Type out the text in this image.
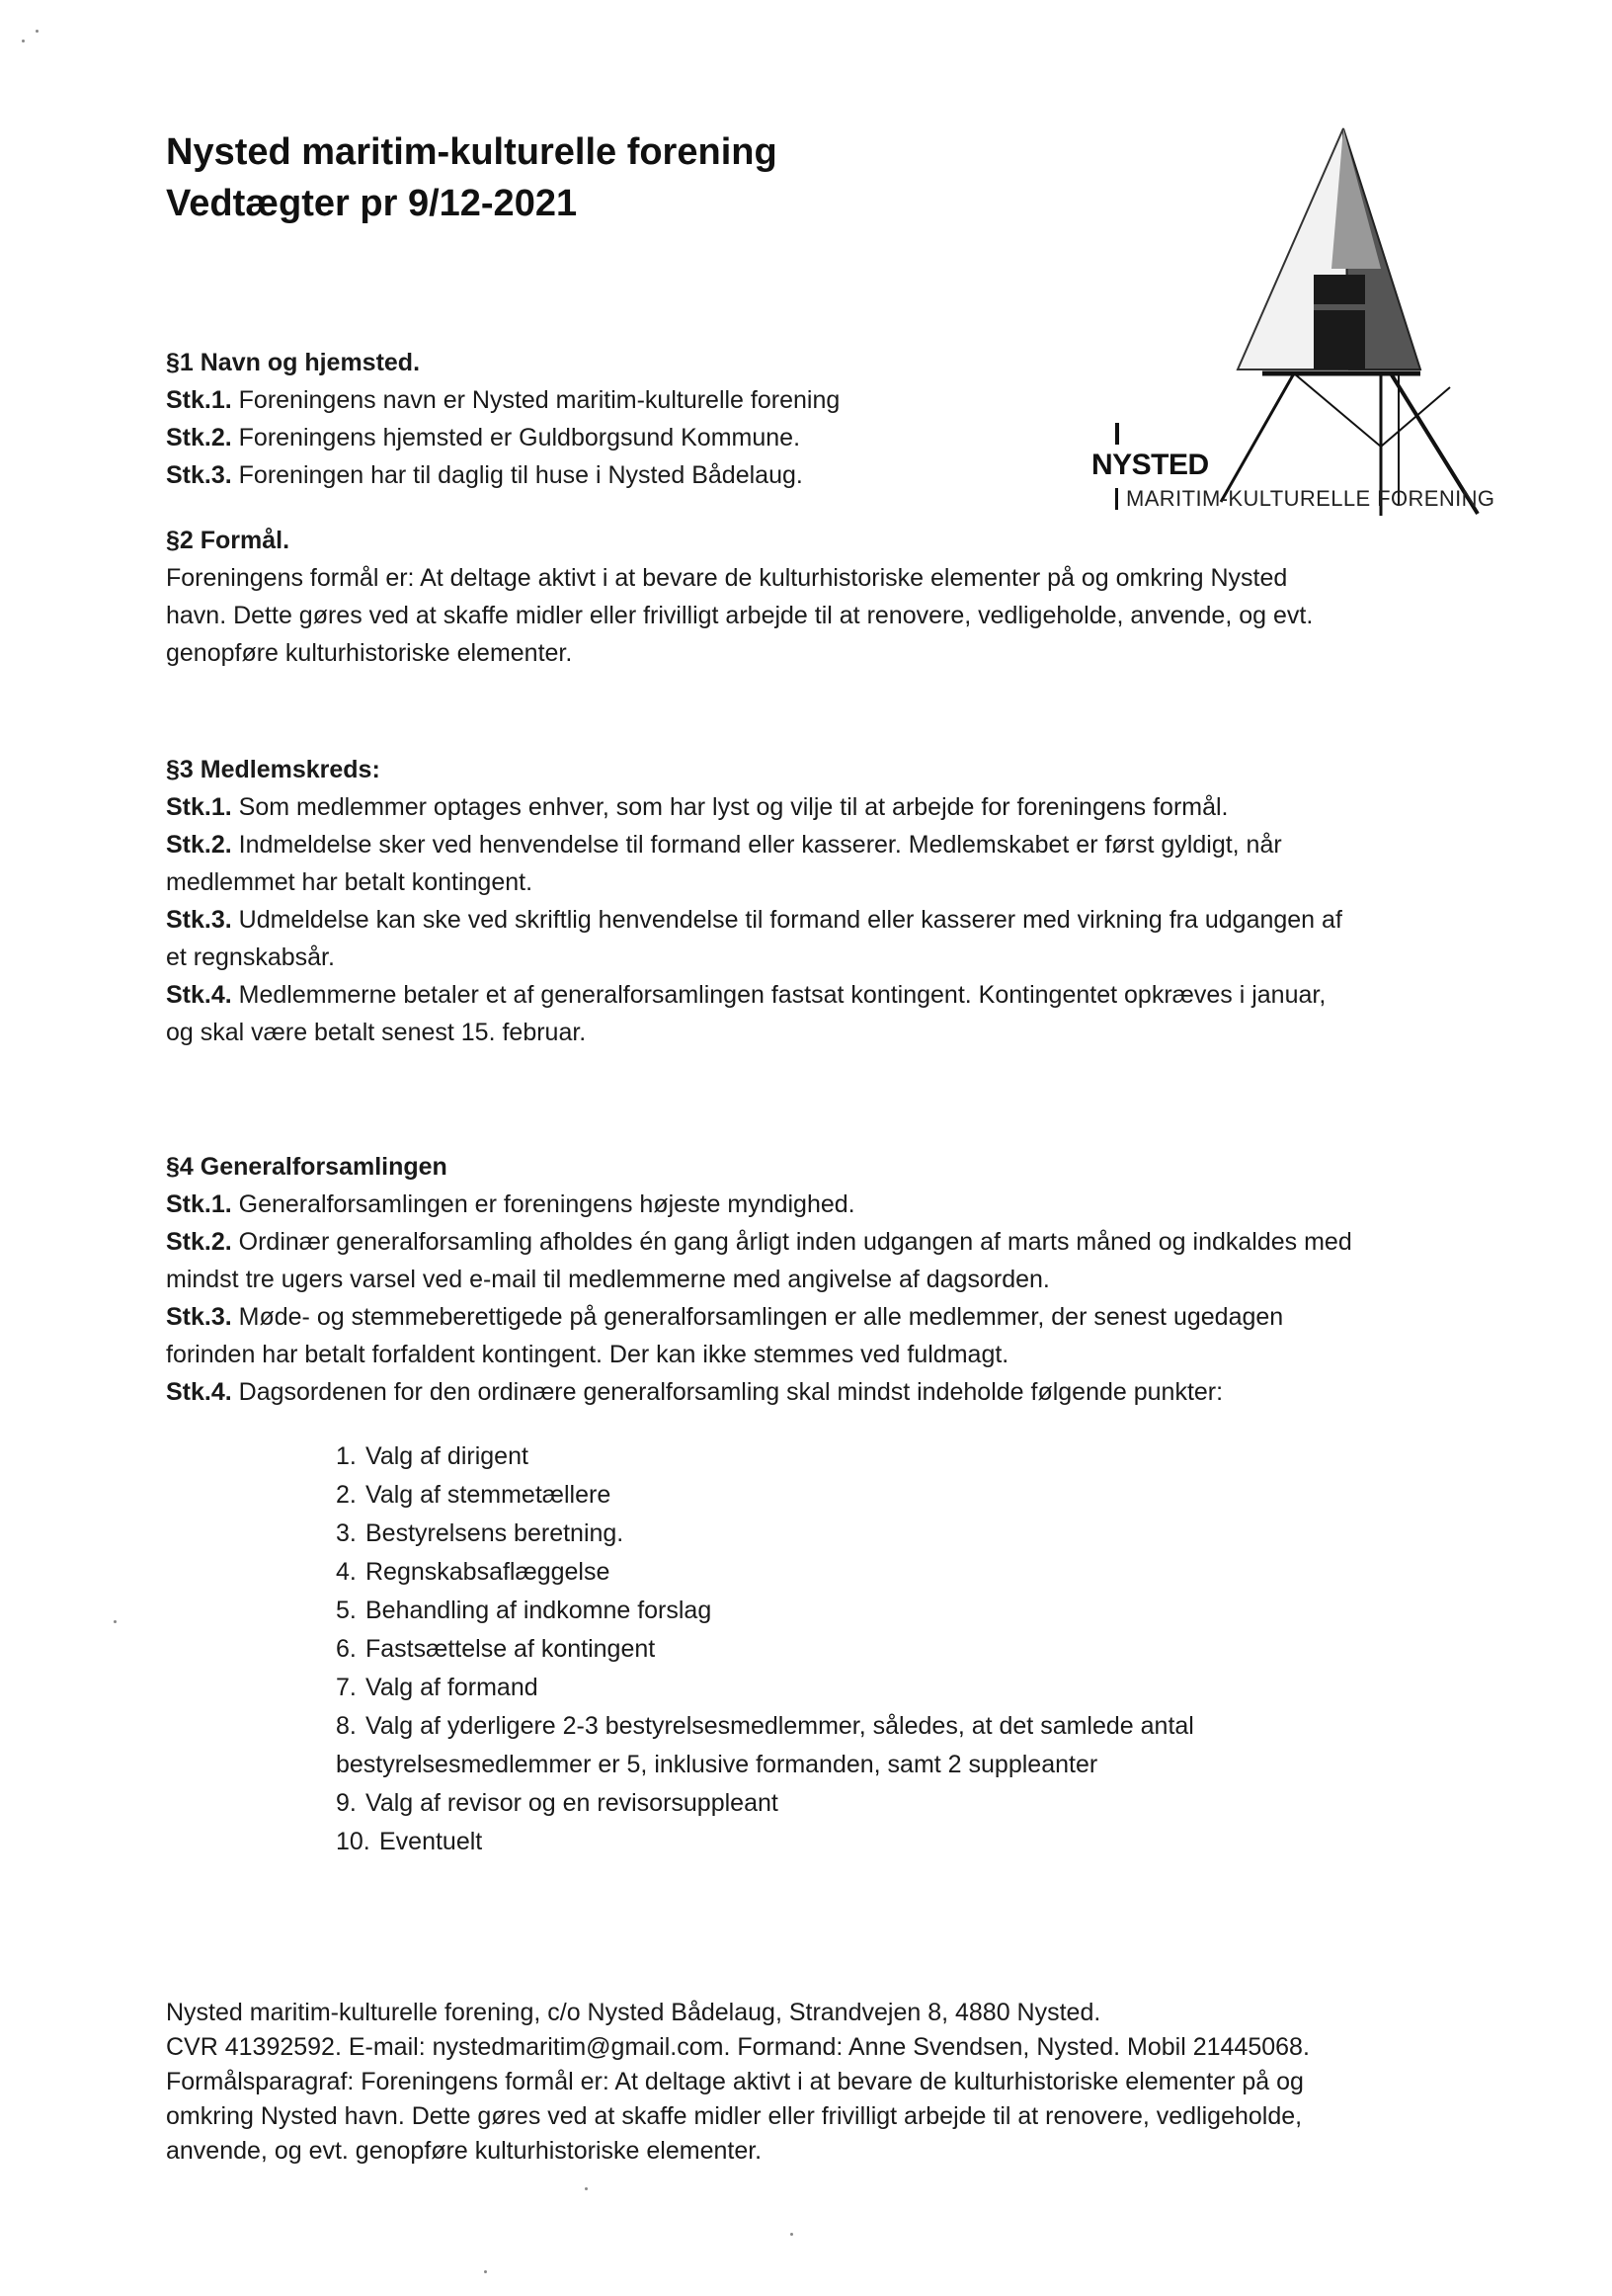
Nysted maritim-kulturelle forening
Vedtægter pr 9/12-2021
NYSTED
MARITIM-KULTURELLE FORENING
§1 Navn og hjemsted.
Stk.1. Foreningens navn er Nysted maritim-kulturelle forening
Stk.2. Foreningens hjemsted er Guldborgsund Kommune.
Stk.3. Foreningen har til daglig til huse i Nysted Bådelaug.
§2 Formål.
Foreningens formål er: At deltage aktivt i at bevare de kulturhistoriske elementer på og omkring Nysted
havn. Dette gøres ved at skaffe midler eller frivilligt arbejde til at renovere, vedligeholde, anvende, og evt.
genopføre kulturhistoriske elementer.
§3 Medlemskreds:
Stk.1. Som medlemmer optages enhver, som har lyst og vilje til at arbejde for foreningens formål.
Stk.2. Indmeldelse sker ved henvendelse til formand eller kasserer. Medlemskabet er først gyldigt, når
medlemmet har betalt kontingent.
Stk.3. Udmeldelse kan ske ved skriftlig henvendelse til formand eller kasserer med virkning fra udgangen af
et regnskabsår.
Stk.4. Medlemmerne betaler et af generalforsamlingen fastsat kontingent. Kontingentet opkræves i januar,
og skal være betalt senest 15. februar.
§4 Generalforsamlingen
Stk.1. Generalforsamlingen er foreningens højeste myndighed.
Stk.2. Ordinær generalforsamling afholdes én gang årligt inden udgangen af marts måned og indkaldes med
mindst tre ugers varsel ved e-mail til medlemmerne med angivelse af dagsorden.
Stk.3. Møde- og stemmeberettigede på generalforsamlingen er alle medlemmer, der senest ugedagen
forinden har betalt forfaldent kontingent. Der kan ikke stemmes ved fuldmagt.
Stk.4. Dagsordenen for den ordinære generalforsamling skal mindst indeholde følgende punkter:
1. Valg af dirigent
2. Valg af stemmetællere
3. Bestyrelsens beretning.
4. Regnskabsaflæggelse
5. Behandling af indkomne forslag
6. Fastsættelse af kontingent
7. Valg af formand
8. Valg af yderligere 2-3 bestyrelsesmedlemmer, således, at det samlede antal
bestyrelsesmedlemmer er 5, inklusive formanden, samt 2 suppleanter
9. Valg af revisor og en revisorsuppleant
10. Eventuelt
Nysted maritim-kulturelle forening, c/o Nysted Bådelaug, Strandvejen 8, 4880 Nysted.
CVR 41392592. E-mail: nystedmaritim@gmail.com. Formand: Anne Svendsen, Nysted. Mobil 21445068.
Formålsparagraf: Foreningens formål er: At deltage aktivt i at bevare de kulturhistoriske elementer på og
omkring Nysted havn. Dette gøres ved at skaffe midler eller frivilligt arbejde til at renovere, vedligeholde,
anvende, og evt. genopføre kulturhistoriske elementer.
